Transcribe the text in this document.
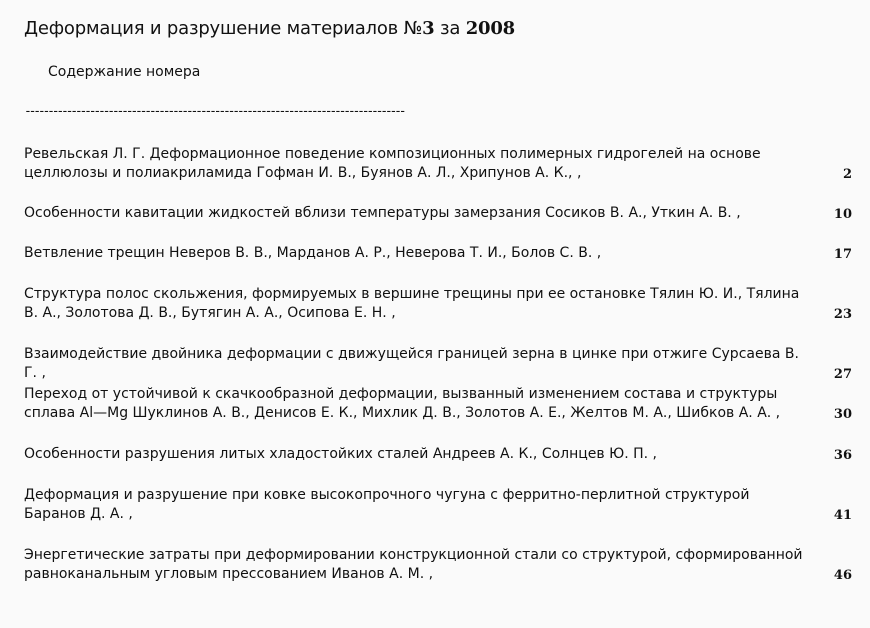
Деформация и разрушение материалов №3 за 2008
Содержание номера
----------------------------------------------------------------------------------
Ревельская Л. Г. Деформационное поведение композиционных полимерных гидрогелей на основе целлюлозы и полиакриламида Гофман И. В., Буянов А. Л., Хрипунов А. К., ,	2
Особенности кавитации жидкостей вблизи температуры замерзания Сосиков В. А., Уткин А. В. ,	10
Ветвление трещин Неверов В. В., Марданов А. Р., Неверова Т. И., Болов С. В. ,	17
Структура полос скольжения, формируемых в вершине трещины при ее остановке Тялин Ю. И., Тялина В. А., Золотова Д. В., Бутягин А. А., Осипова Е. Н. ,	23
Взаимодействие двойника деформации с движущейся границей зерна в цинке при отжиге Сурсаева В. Г. ,	27
Переход от устойчивой к скачкообразной деформации, вызванный изменением состава и структуры сплава Al—Mg Шуклинов А. В., Денисов Е. К., Михлик Д. В., Золотов А. Е., Желтов М. А., Шибков А. А. ,	30
Особенности разрушения литых хладостойких сталей Андреев А. К., Солнцев Ю. П. ,	36
Деформация и разрушение при ковке высокопрочного чугуна с ферритно-перлитной структурой Баранов Д. А. ,	41
Энергетические затраты при деформировании конструкционной стали со структурой, сформированной равноканальным угловым прессованием Иванов А. М. ,	46
